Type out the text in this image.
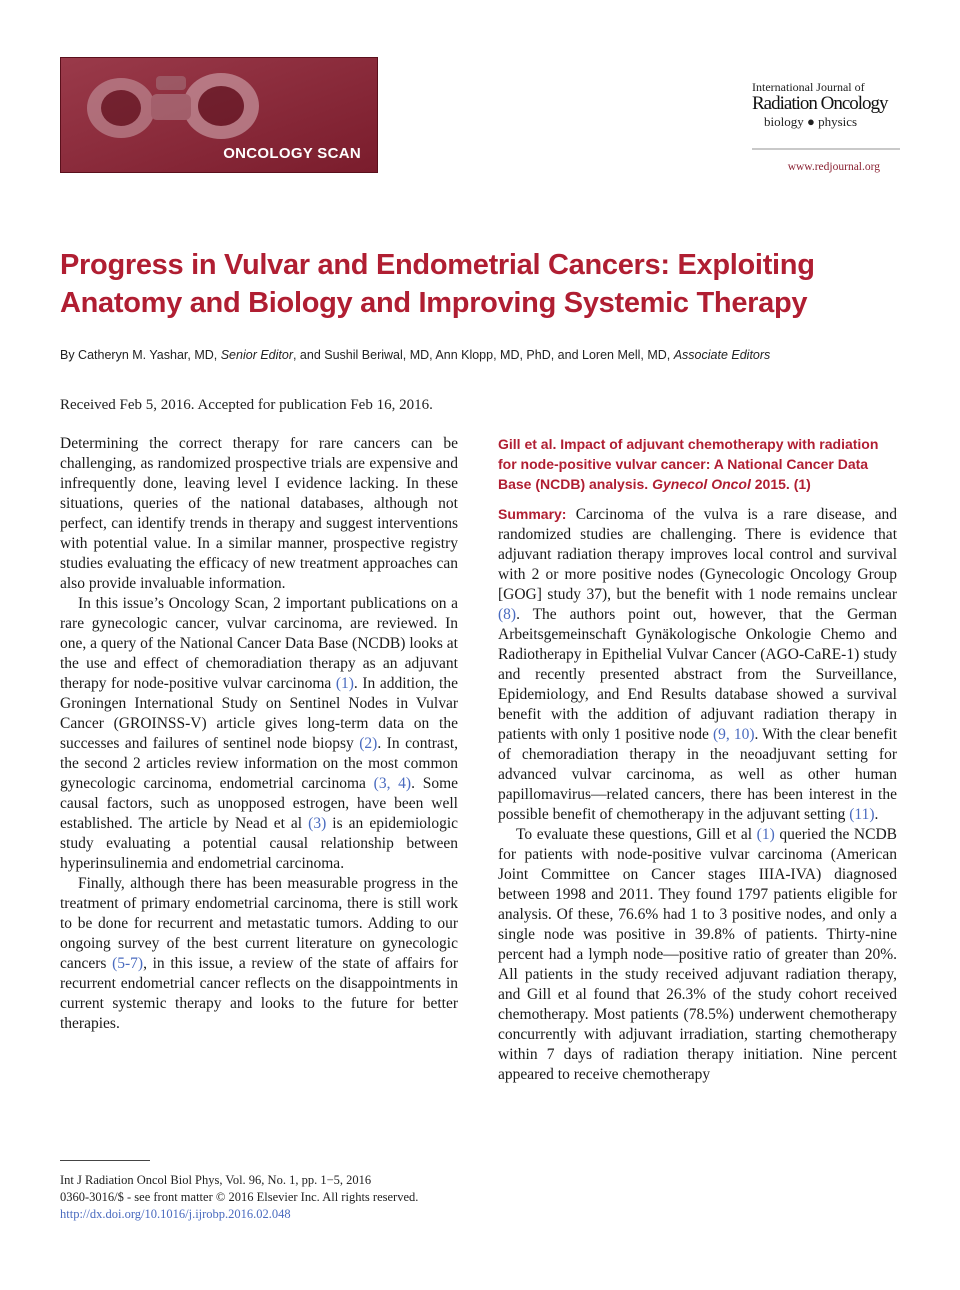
ONCOLOGY SCAN
International Journal of
Radiation Oncology
biology ● physics
www.redjournal.org
Progress in Vulvar and Endometrial Cancers: Exploiting Anatomy and Biology and Improving Systemic Therapy
By Catheryn M. Yashar, MD, Senior Editor, and Sushil Beriwal, MD, Ann Klopp, MD, PhD, and Loren Mell, MD, Associate Editors
Received Feb 5, 2016. Accepted for publication Feb 16, 2016.

Determining the correct therapy for rare cancers can be challenging, as randomized prospective trials are expensive and infrequently done, leaving level I evidence lacking. In these situations, queries of the national databases, although not perfect, can identify trends in therapy and suggest interventions with potential value. In a similar manner, prospective registry studies evaluating the efficacy of new treatment approaches can also provide invaluable information.

In this issue’s Oncology Scan, 2 important publications on a rare gynecologic cancer, vulvar carcinoma, are reviewed. In one, a query of the National Cancer Data Base (NCDB) looks at the use and effect of chemoradiation therapy as an adjuvant therapy for node-positive vulvar carcinoma (1). In addition, the Groningen International Study on Sentinel Nodes in Vulvar Cancer (GROINSS-V) article gives long-term data on the successes and failures of sentinel node biopsy (2). In contrast, the second 2 articles review information on the most common gynecologic carcinoma, endometrial carcinoma (3, 4). Some causal factors, such as unopposed estrogen, have been well established. The article by Nead et al (3) is an epidemiologic study evaluating a potential causal relationship between hyperinsulinemia and endometrial carcinoma.

Finally, although there has been measurable progress in the treatment of primary endometrial carcinoma, there is still work to be done for recurrent and metastatic tumors. Adding to our ongoing survey of the best current literature on gynecologic cancers (5-7), in this issue, a review of the state of affairs for recurrent endometrial cancer reflects on the disappointments in current systemic therapy and looks to the future for better therapies.

Gill et al. Impact of adjuvant chemotherapy with radiation for node-positive vulvar cancer: A National Cancer Data Base (NCDB) analysis. Gynecol Oncol 2015. (1)

Summary: Carcinoma of the vulva is a rare disease, and randomized studies are challenging. There is evidence that adjuvant radiation therapy improves local control and survival with 2 or more positive nodes (Gynecologic Oncology Group [GOG] study 37), but the benefit with 1 node remains unclear (8). The authors point out, however, that the German Arbeitsgemeinschaft Gynäkologische Onkologie Chemo and Radiotherapy in Epithelial Vulvar Cancer (AGO-CaRE-1) study and recently presented abstract from the Surveillance, Epidemiology, and End Results database showed a survival benefit with the addition of adjuvant radiation therapy in patients with only 1 positive node (9, 10). With the clear benefit of chemoradiation therapy in the neoadjuvant setting for advanced vulvar carcinoma, as well as other human papillomavirus—related cancers, there has been interest in the possible benefit of chemotherapy in the adjuvant setting (11).

To evaluate these questions, Gill et al (1) queried the NCDB for patients with node-positive vulvar carcinoma (American Joint Committee on Cancer stages IIIA-IVA) diagnosed between 1998 and 2011. They found 1797 patients eligible for analysis. Of these, 76.6% had 1 to 3 positive nodes, and only a single node was positive in 39.8% of patients. Thirty-nine percent had a lymph node—positive ratio of greater than 20%. All patients in the study received adjuvant radiation therapy, and Gill et al found that 26.3% of the study cohort received chemotherapy. Most patients (78.5%) underwent chemotherapy concurrently with adjuvant irradiation, starting chemotherapy within 7 days of radiation therapy initiation. Nine percent appeared to receive chemotherapy

Int J Radiation Oncol Biol Phys, Vol. 96, No. 1, pp. 1−5, 2016
0360-3016/$ - see front matter © 2016 Elsevier Inc. All rights reserved.
http://dx.doi.org/10.1016/j.ijrobp.2016.02.048
